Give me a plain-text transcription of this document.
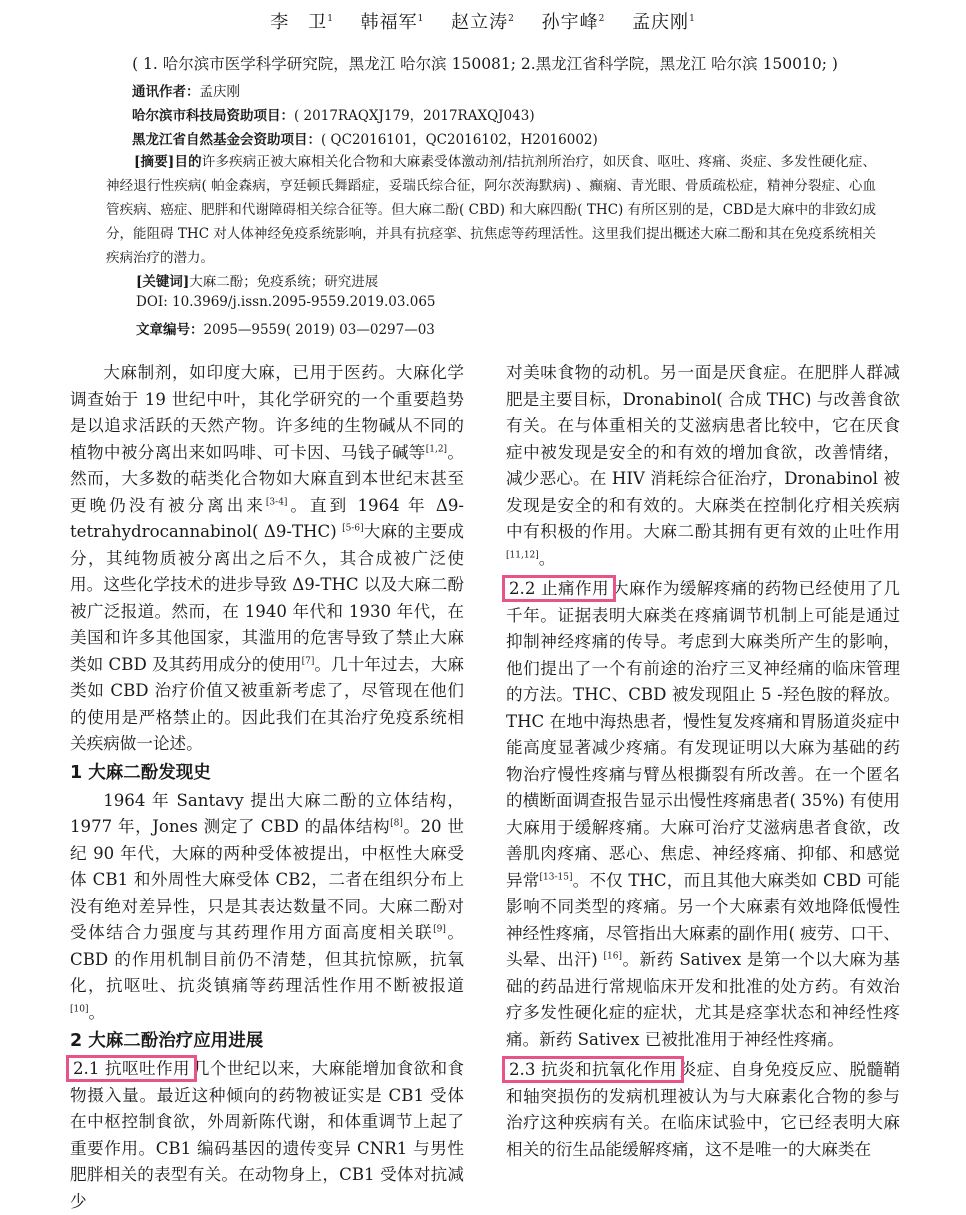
李　卫$^1$ 韩福军$^1$ 赵立涛$^2$ 孙宇峰$^2$ 孟庆刚$^1$
( 1. 哈尔滨市医学科学研究院，黑龙江 哈尔滨 150081; 2.黑龙江省科学院，黑龙江 哈尔滨 150010; )
通讯作者：孟庆刚
哈尔滨市科技局资助项目：( 2017RAQXJ179，2017RAXQJ043)
黑龙江省自然基金会资助项目：( QC2016101，QC2016102，H2016002)
[摘要]目的许多疾病正被大麻相关化合物和大麻素受体激动剂/拮抗剂所治疗，如厌食、呕吐、疼痛、炎症、多发性硬化症、神经退行性疾病( 帕金森病，亨廷顿氏舞蹈症，妥瑞氏综合征，阿尔茨海默病) 、癫痫、青光眼、骨质疏松症，精神分裂症、心血管疾病、癌症、肥胖和代谢障碍相关综合征等。但大麻二酚( CBD) 和大麻四酚( THC) 有所区别的是，CBD是大麻中的非致幻成分，能阻碍 THC 对人体神经免疫系统影响，并具有抗痉挛、抗焦虑等药理活性。这里我们提出概述大麻二酚和其在免疫系统相关疾病治疗的潜力。
[关键词]大麻二酚；免疫系统；研究进展
DOI: 10.3969/j.issn.2095-9559.2019.03.065
文章编号：2095—9559( 2019) 03—0297—03

大麻制剂，如印度大麻，已用于医药。大麻化学调查始于 19 世纪中叶，其化学研究的一个重要趋势是以追求活跃的天然产物。许多纯的生物碱从不同的植物中被分离出来如吗啡、可卡因、马钱子碱等[1,2]。然而，大多数的萜类化合物如大麻直到本世纪末甚至更晚仍没有被分离出来[3-4]。直到 1964 年 Δ9-tetrahydrocannabinol( Δ9-THC) [5-6]大麻的主要成分，其纯物质被分离出之后不久，其合成被广泛使用。这些化学技术的进步导致 Δ9-THC 以及大麻二酚被广泛报道。然而，在 1940 年代和 1930 年代，在美国和许多其他国家，其滥用的危害导致了禁止大麻类如 CBD 及其药用成分的使用[7]。几十年过去，大麻类如 CBD 治疗价值又被重新考虑了，尽管现在他们的使用是严格禁止的。因此我们在其治疗免疫系统相关疾病做一论述。

1 大麻二酚发现史

1964 年 Santavy 提出大麻二酚的立体结构，1977 年，Jones 测定了 CBD 的晶体结构[8]。20 世纪 90 年代，大麻的两种受体被提出，中枢性大麻受体 CB1 和外周性大麻受体 CB2，二者在组织分布上没有绝对差异性，只是其表达数量不同。大麻二酚对受体结合力强度与其药理作用方面高度相关联[9]。CBD 的作用机制目前仍不清楚，但其抗惊厥，抗氧化，抗呕吐、抗炎镇痛等药理活性作用不断被报道[10]。

2 大麻二酚治疗应用进展

2.1 抗呕吐作用 几个世纪以来，大麻能增加食欲和食物摄入量。最近这种倾向的药物被证实是 CB1 受体在中枢控制食欲，外周新陈代谢，和体重调节上起了重要作用。CB1 编码基因的遗传变异 CNR1 与男性肥胖相关的表型有关。在动物身上，CB1 受体对抗减少

对美味食物的动机。另一面是厌食症。在肥胖人群减肥是主要目标，Dronabinol( 合成 THC) 与改善食欲有关。在与体重相关的艾滋病患者比较中，它在厌食症中被发现是安全的和有效的增加食欲，改善情绪，减少恶心。在 HIV 消耗综合征治疗，Dronabinol 被发现是安全的和有效的。大麻类在控制化疗相关疾病中有积极的作用。大麻二酚其拥有更有效的止吐作用[11,12]。

2.2 止痛作用 大麻作为缓解疼痛的药物已经使用了几千年。证据表明大麻类在疼痛调节机制上可能是通过抑制神经疼痛的传导。考虑到大麻类所产生的影响，他们提出了一个有前途的治疗三叉神经痛的临床管理的方法。THC、CBD 被发现阻止 5 -羟色胺的释放。THC 在地中海热患者，慢性复发疼痛和胃肠道炎症中能高度显著减少疼痛。有发现证明以大麻为基础的药物治疗慢性疼痛与臂丛根撕裂有所改善。在一个匿名的横断面调查报告显示出慢性疼痛患者( 35%) 有使用大麻用于缓解疼痛。大麻可治疗艾滋病患者食欲，改善肌肉疼痛、恶心、焦虑、神经疼痛、抑郁、和感觉异常[13-15]。不仅 THC，而且其他大麻类如 CBD 可能影响不同类型的疼痛。另一个大麻素有效地降低慢性神经性疼痛，尽管指出大麻素的副作用( 疲劳、口干、头晕、出汗) [16]。新药 Sativex 是第一个以大麻为基础的药品进行常规临床开发和批准的处方药。有效治疗多发性硬化症的症状，尤其是痉挛状态和神经性疼痛。新药 Sativex 已被批准用于神经性疼痛。

2.3 抗炎和抗氧化作用 炎症、自身免疫反应、脱髓鞘和轴突损伤的发病机理被认为与大麻素化合物的参与治疗这种疾病有关。在临床试验中，它已经表明大麻相关的衍生品能缓解疼痛，这不是唯一的大麻类在
